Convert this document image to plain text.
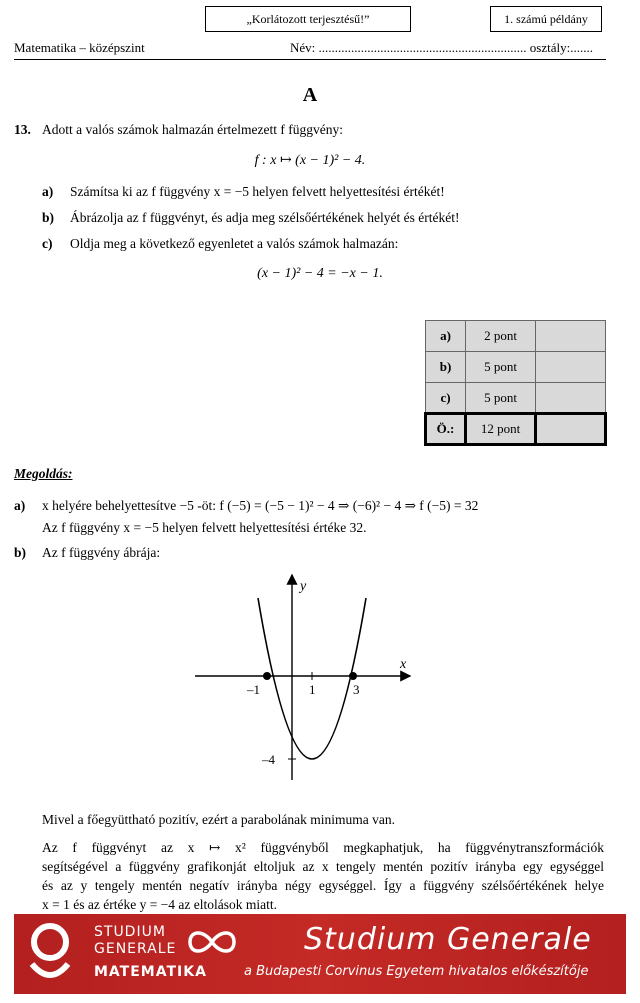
„Korlátozott terjesztésű!”	1. számú példány
Matematika – középszint	Név: ................................................................ osztály:.......
A
13. Adott a valós számok halmazán értelmezett f függvény:
f : x ↦ (x − 1)² − 4.
a) Számítsa ki az f függvény x = −5 helyen felvett helyettesítési értékét!
b) Ábrázolja az f függvényt, és adja meg szélsőértékének helyét és értékét!
c) Oldja meg a következő egyenletet a valós számok halmazán:
(x − 1)² − 4 = −x − 1.
a)	2 pont	
b)	5 pont	
c)	5 pont	
Ö.:	12 pont	
Megoldás:
a) x helyére behelyettesítve −5 -öt: f (−5) = (−5 − 1)² − 4 ⇒ (−6)² − 4 ⇒ f (−5) = 32
Az f függvény x = −5 helyen felvett helyettesítési értéke 32.
b) Az f függvény ábrája:
x
y
–1	1	3
–4
Mivel a főegyüttható pozitív, ezért a parabolának minimuma van.
Az f függvényt az x ↦ x² függvényből megkaphatjuk, ha függvénytranszformációk
segítségével a függvény grafikonját eltoljuk az x tengely mentén pozitív irányba egy egységgel
és az y tengely mentén negatív irányba négy egységgel. Így a függvény szélsőértékének helye
x = 1 és az értéke y = −4 az eltolások miatt.
STUDIUM
GENERALE
MATEMATIKA
Studium Generale
a Budapesti Corvinus Egyetem hivatalos előkészítője
